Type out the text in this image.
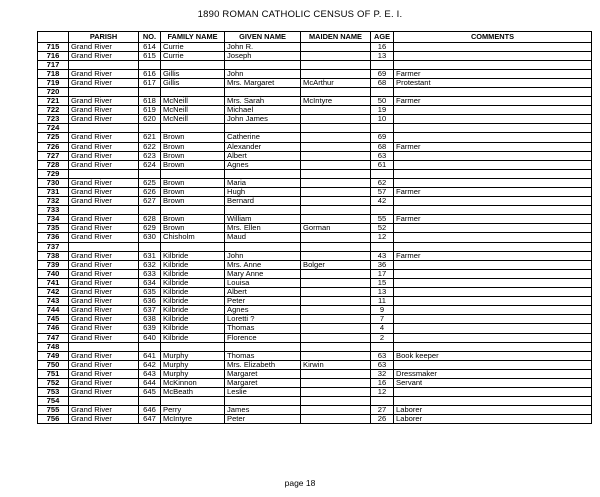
1890 ROMAN CATHOLIC CENSUS OF P. E. I.
	PARISH	NO.	FAMILY NAME	GIVEN NAME	MAIDEN NAME	AGE	COMMENTS
715	Grand River	614	Currie	John R.		16	
716	Grand River	615	Currie	Joseph		13	
717							
718	Grand River	616	Gillis	John		69	Farmer
719	Grand River	617	Gillis	Mrs. Margaret	McArthur	68	Protestant
720							
721	Grand River	618	McNeill	Mrs. Sarah	McIntyre	50	Farmer
722	Grand River	619	McNeill	Michael		19	
723	Grand River	620	McNeill	John James		10	
724							
725	Grand River	621	Brown	Catherine		69	
726	Grand River	622	Brown	Alexander		68	Farmer
727	Grand River	623	Brown	Albert		63	
728	Grand River	624	Brown	Agnes		61	
729							
730	Grand River	625	Brown	Maria		62	
731	Grand River	626	Brown	Hugh		57	Farmer
732	Grand River	627	Brown	Bernard		42	
733							
734	Grand River	628	Brown	William		55	Farmer
735	Grand River	629	Brown	Mrs. Ellen	Gorman	52	
736	Grand River	630	Chisholm	Maud		12	
737							
738	Grand River	631	Kilbride	John		43	Farmer
739	Grand River	632	Kilbride	Mrs. Anne	Bolger	36	
740	Grand River	633	Kilbride	Mary Anne		17	
741	Grand River	634	Kilbride	Louisa		15	
742	Grand River	635	Kilbride	Albert		13	
743	Grand River	636	Kilbride	Peter		11	
744	Grand River	637	Kilbride	Agnes		9	
745	Grand River	638	Kilbride	Loretti ?		7	
746	Grand River	639	Kilbride	Thomas		4	
747	Grand River	640	Kilbride	Florence		2	
748							
749	Grand River	641	Murphy	Thomas		63	Book keeper
750	Grand River	642	Murphy	Mrs. Elizabeth	Kirwin	63	
751	Grand River	643	Murphy	Margaret		32	Dressmaker
752	Grand River	644	McKinnon	Margaret		16	Servant
753	Grand River	645	McBeath	Leslie		12	
754							
755	Grand River	646	Perry	James		27	Laborer
756	Grand River	647	McIntyre	Peter		26	Laborer
page 18
